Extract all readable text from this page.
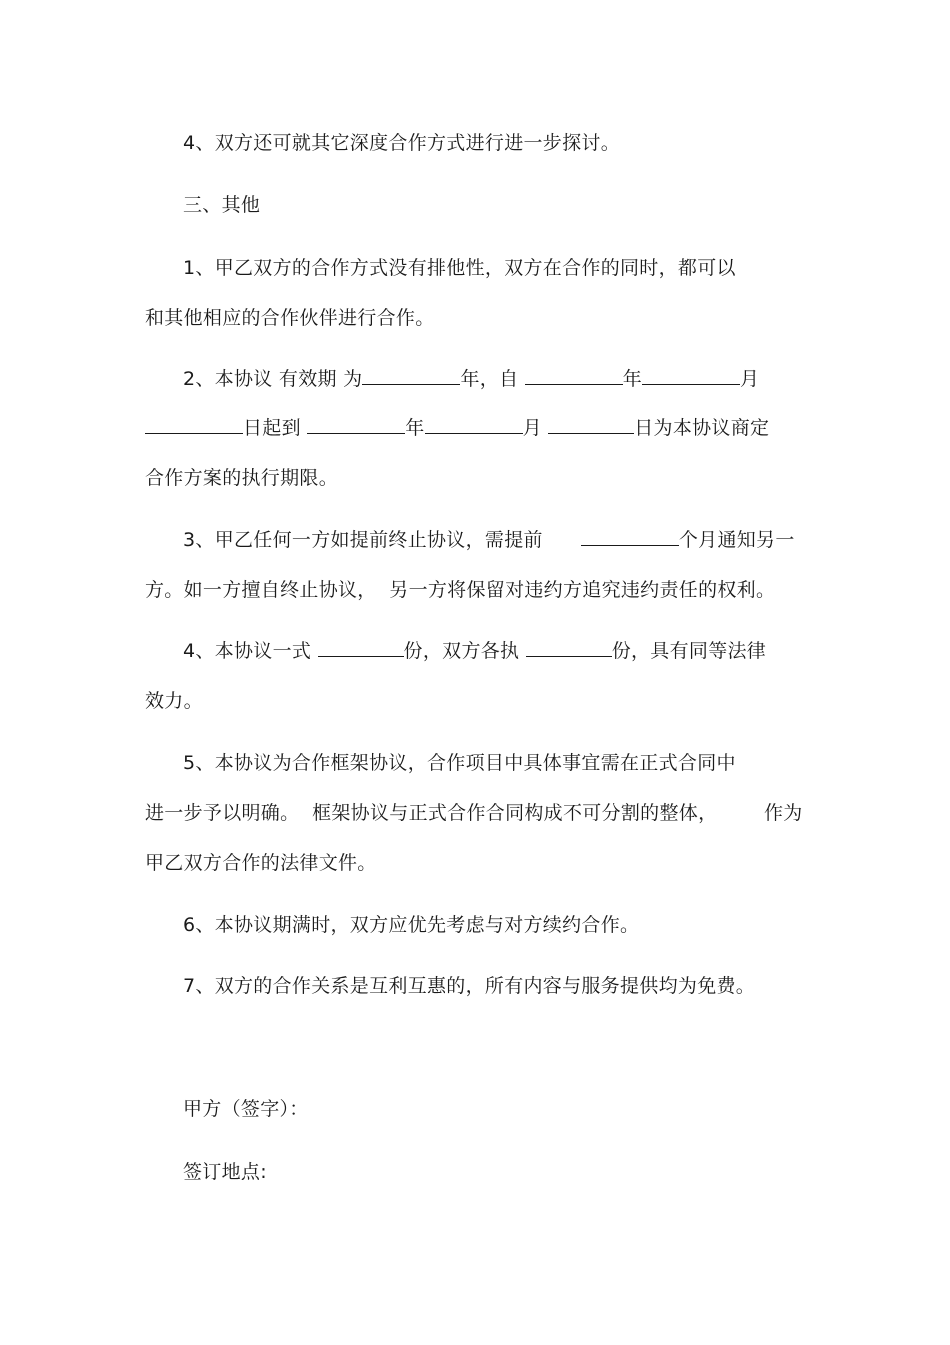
4、双方还可就其它深度合作方式进行进一步探讨。
三、其他
1、甲乙双方的合作方式没有排他性，双方在合作的同时，都可以
和其他相应的合作伙伴进行合作。
2、本协议 有效期 为	年，自	年	月
日起到	年	月	日为本协议商定
合作方案的执行期限。
3、甲乙任何一方如提前终止协议，需提前	个月通知另一
方。如一方擅自终止协议，  另一方将保留对违约方追究违约责任的权利。
4、本协议一式	份，双方各执	份，具有同等法律
效力。
5、本协议为合作框架协议，合作项目中具体事宜需在正式合同中
进一步予以明确。  框架协议与正式合作合同构成不可分割的整体， 作为
甲乙双方合作的法律文件。
6、本协议期满时，双方应优先考虑与对方续约合作。
7、双方的合作关系是互利互惠的，所有内容与服务提供均为免费。
甲方（签字）：
签订地点:
